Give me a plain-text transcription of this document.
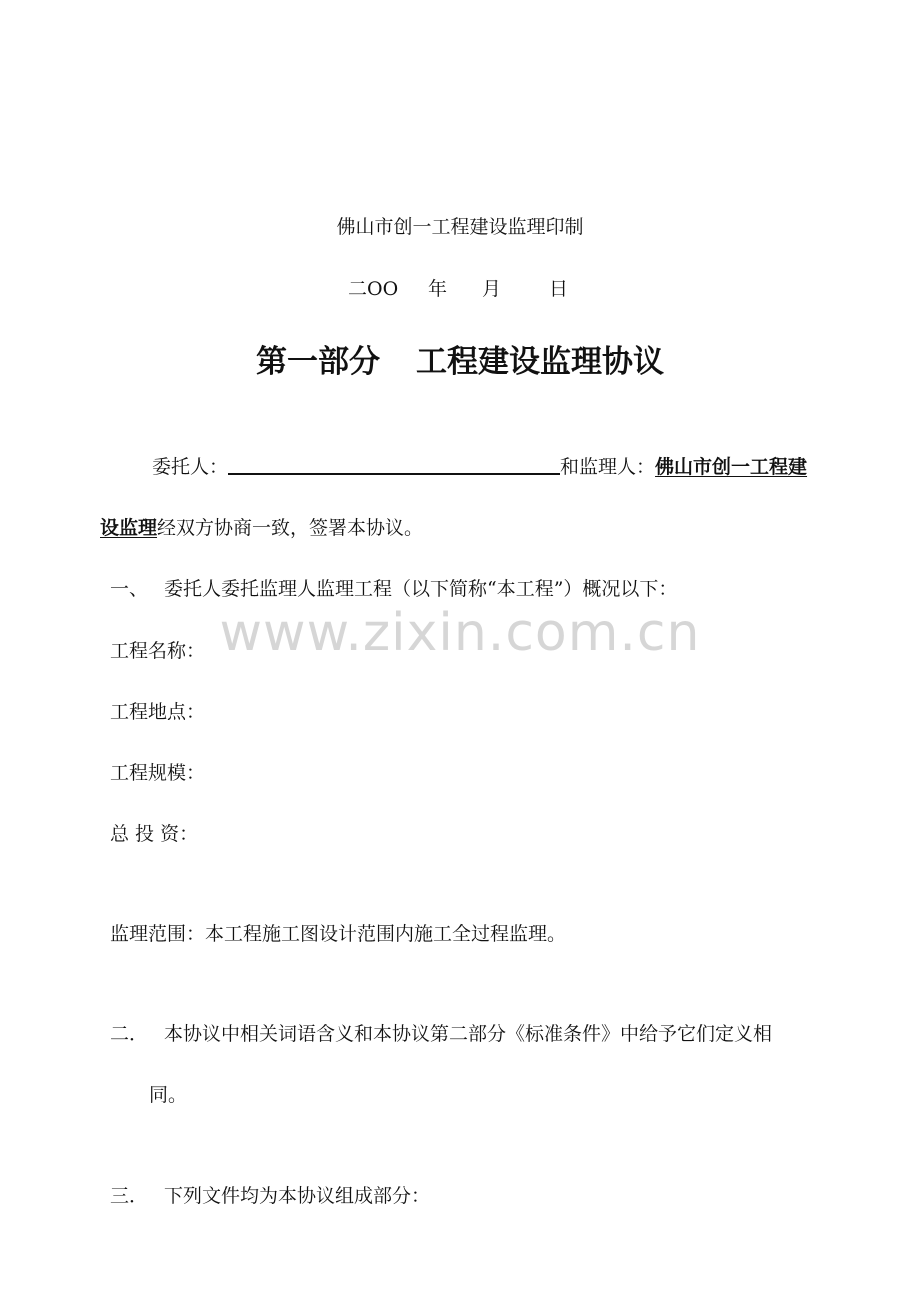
www.zixin.com.cn
佛山市创一工程建设监理印制
二OO 年 月	日
第一部分 工程建设监理协议
委托人：	和监理人：佛山市创一工程建
设监理经双方协商一致，签署本协议。
一、 委托人委托监理人监理工程（以下简称“本工程”）概况以下：
工程名称：
工程地点：
工程规模：
总 投 资：
监理范围：本工程施工图设计范围内施工全过程监理。
二． 本协议中相关词语含义和本协议第二部分《标准条件》中给予它们定义相
同。
三． 下列文件均为本协议组成部分：
